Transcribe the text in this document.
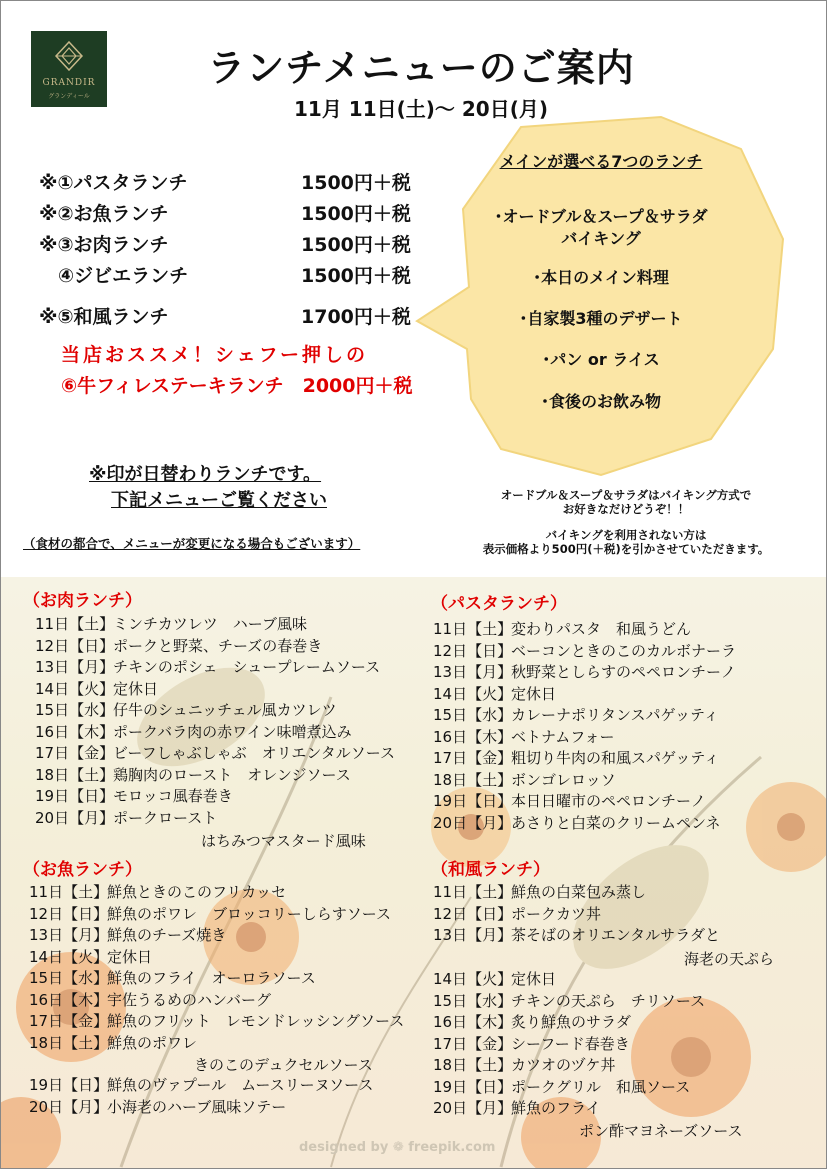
GRANDIR
グランディール
ランチメニューのご案内
11月 11日(土)～ 20日(月)
※①パスタランチ	1500円＋税
※②お魚ランチ	1500円＋税
※③お肉ランチ	1500円＋税
　④ジビエランチ	1500円＋税
※⑤和風ランチ	1700円＋税
当店おススメ！シェフー押しの
⑥牛フィレステーキランチ　2000円＋税
※印が日替わりランチです。
下記メニューご覧ください
（食材の都合で、メニューが変更になる場合もございます）
メインが選べる7つのランチ
･オードブル＆スープ＆サラダ
バイキング
･本日のメイン料理
･自家製3種のデザート
･パン or ライス
･食後のお飲み物
オードブル＆スープ＆サラダはバイキング方式で
お好きなだけどうぞ！！
バイキングを利用されない方は
表示価格より500円(＋税)を引かさせていただきます。
（お肉ランチ）
11日【土】ミンチカツレツ　ハーブ風味
12日【日】ポークと野菜、チーズの春巻き
13日【月】チキンのポシェ　シュープレームソース
14日【火】定休日
15日【水】仔牛のシュニッチェル風カツレツ
16日【木】ポークバラ肉の赤ワイン味噌煮込み
17日【金】ビーフしゃぶしゃぶ　オリエンタルソース
18日【土】鶏胸肉のロースト　オレンジソース
19日【日】モロッコ風春巻き
20日【月】ポークロースト
はちみつマスタード風味
（パスタランチ）
11日【土】変わりパスタ　和風うどん
12日【日】ベーコンときのこのカルボナーラ
13日【月】秋野菜としらすのペペロンチーノ
14日【火】定休日
15日【水】カレーナポリタンスパゲッティ
16日【木】ベトナムフォー
17日【金】粗切り牛肉の和風スパゲッティ
18日【土】ボンゴレロッソ
19日【日】本日日曜市のペペロンチーノ
20日【月】あさりと白菜のクリームペンネ
（お魚ランチ）
11日【土】鮮魚ときのこのフリカッセ
12日【日】鮮魚のポワレ　ブロッコリーしらすソース
13日【月】鮮魚のチーズ焼き
14日【火】定休日
15日【水】鮮魚のフライ　オーロラソース
16日【木】宇佐うるめのハンバーグ
17日【金】鮮魚のフリット　レモンドレッシングソース
18日【土】鮮魚のポワレ
きのこのデュクセルソース
19日【日】鮮魚のヴァプール　ムースリーヌソース
20日【月】小海老のハーブ風味ソテー
（和風ランチ）
11日【土】鮮魚の白菜包み蒸し
12日【日】ポークカツ丼
13日【月】茶そばのオリエンタルサラダと
海老の天ぷら
14日【火】定休日
15日【水】チキンの天ぷら　チリソース
16日【木】炙り鮮魚のサラダ
17日【金】シーフード春巻き
18日【土】カツオのヅケ丼
19日【日】ポークグリル　和風ソース
20日【月】鮮魚のフライ
ポン酢マヨネーズソース
designed by ❁ freepik.com
